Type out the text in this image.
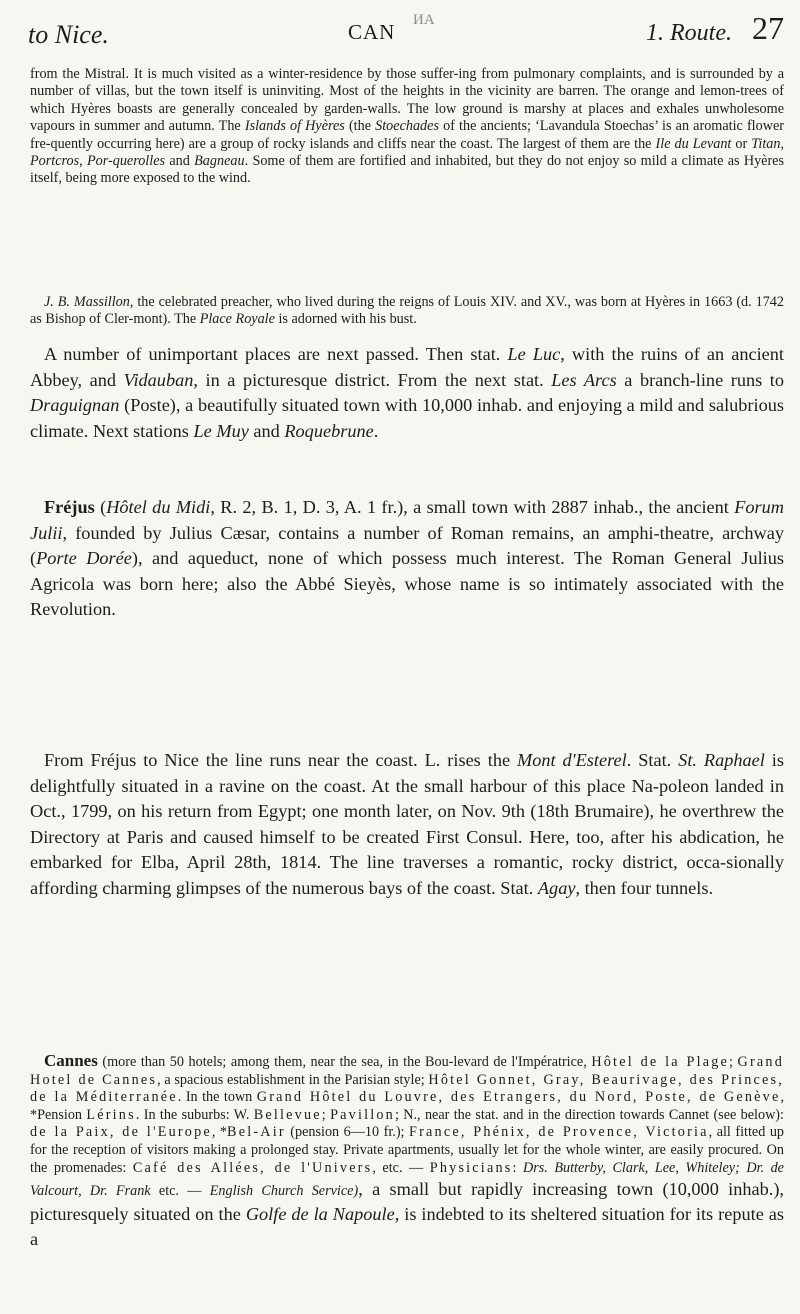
to Nice.	CAN ИА	1. Route. 27

from the Mistral. It is much visited as a winter-residence by those suffer-ing from pulmonary complaints, and is surrounded by a number of villas, but the town itself is uninviting. Most of the heights in the vicinity are barren. The orange and lemon-trees of which Hyères boasts are generally concealed by garden-walls. The low ground is marshy at places and exhales unwholesome vapours in summer and autumn. The Islands of Hyères (the Stoechades of the ancients; ‘Lavandula Stoechas’ is an aromatic flower fre-quently occurring here) are a group of rocky islands and cliffs near the coast. The largest of them are the Ile du Levant or Titan, Portcros, Por-querolles and Bagneau. Some of them are fortified and inhabited, but they do not enjoy so mild a climate as Hyères itself, being more exposed to the wind.

J. B. Massillon, the celebrated preacher, who lived during the reigns of Louis XIV. and XV., was born at Hyères in 1663 (d. 1742 as Bishop of Cler-mont). The Place Royale is adorned with his bust.

A number of unimportant places are next passed. Then stat. Le Luc, with the ruins of an ancient Abbey, and Vidauban, in a picturesque district. From the next stat. Les Arcs a branch-line runs to Draguignan (Poste), a beautifully situated town with 10,000 inhab. and enjoying a mild and salubrious climate. Next stations Le Muy and Roquebrune.

Fréjus (Hôtel du Midi, R. 2, B. 1, D. 3, A. 1 fr.), a small town with 2887 inhab., the ancient Forum Julii, founded by Julius Cæsar, contains a number of Roman remains, an amphi-theatre, archway (Porte Dorée), and aqueduct, none of which possess much interest. The Roman General Julius Agricola was born here; also the Abbé Sieyès, whose name is so intimately associated with the Revolution.

From Fréjus to Nice the line runs near the coast. L. rises the Mont d'Esterel. Stat. St. Raphael is delightfully situated in a ravine on the coast. At the small harbour of this place Na-poleon landed in Oct., 1799, on his return from Egypt; one month later, on Nov. 9th (18th Brumaire), he overthrew the Directory at Paris and caused himself to be created First Consul. Here, too, after his abdication, he embarked for Elba, April 28th, 1814. The line traverses a romantic, rocky district, occa-sionally affording charming glimpses of the numerous bays of the coast. Stat. Agay, then four tunnels.

Cannes (more than 50 hotels; among them, near the sea, in the Bou-levard de l'Impératrice, Hôtel de la Plage; Grand Hotel de Cannes, a spacious establishment in the Parisian style; Hôtel Gonnet, Gray, Beaurivage, des Princes, de la Méditerranée. In the town Grand Hôtel du Louvre, des Etrangers, du Nord, Poste, de Genève, *Pension Lérins. In the suburbs: W. Bellevue; Pavillon; N., near the stat. and in the direction towards Cannet (see below): de la Paix, de l'Europe, *Bel-Air (pension 6—10 fr.); France, Phénix, de Provence, Victoria, all fitted up for the reception of visitors making a prolonged stay. Private apartments, usually let for the whole winter, are easily procured. On the promenades: Café des Allées, de l'Univers, etc. — Physicians: Drs. Butterby, Clark, Lee, Whiteley; Dr. de Valcourt, Dr. Frank etc. — English Church Service), a small but rapidly increasing town (10,000 inhab.), picturesquely situated on the Golfe de la Napoule, is indebted to its sheltered situation for its repute as a
